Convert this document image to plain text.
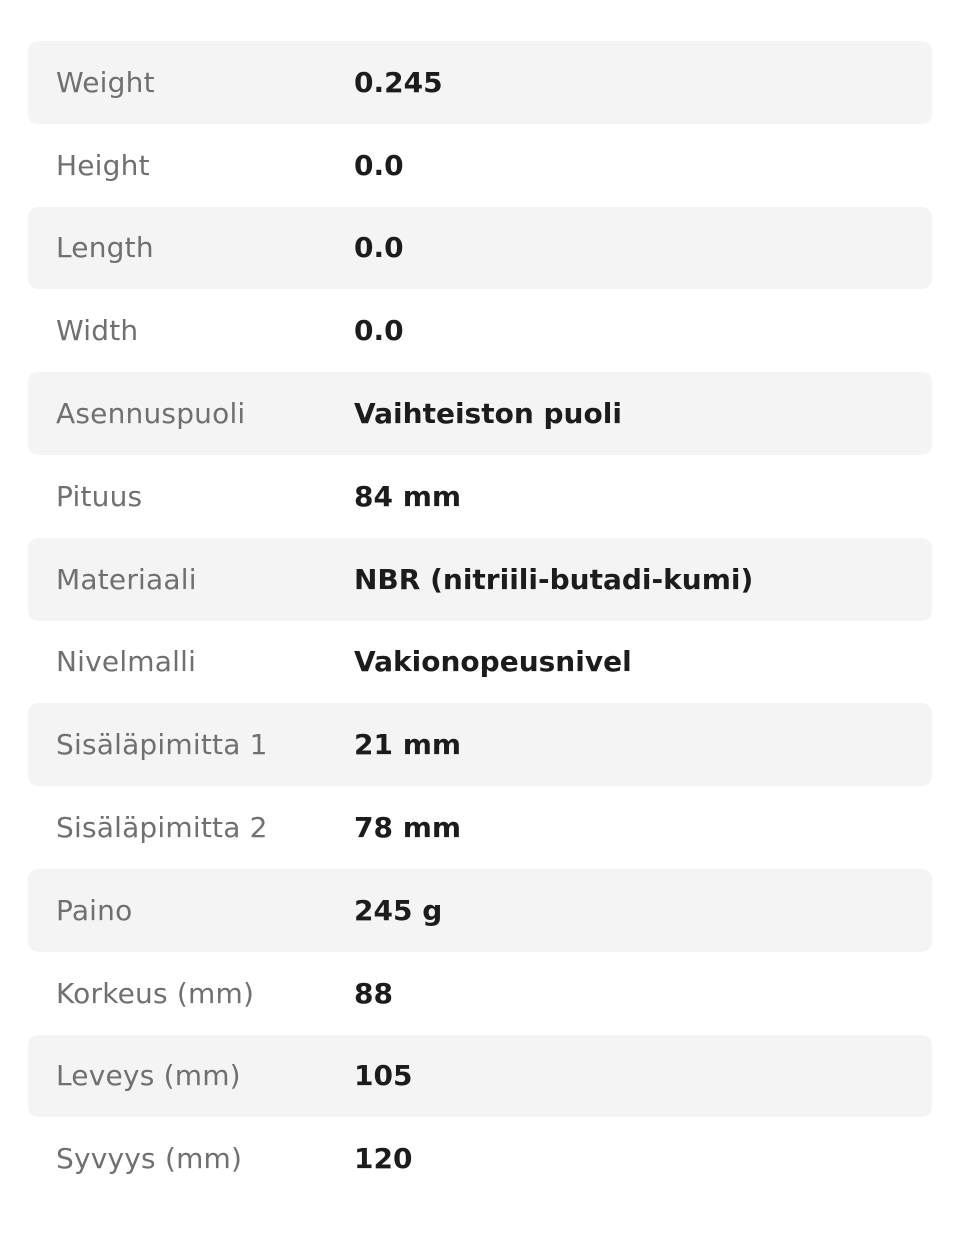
Weight	0.245
Height	0.0
Length	0.0
Width	0.0
Asennuspuoli	Vaihteiston puoli
Pituus	84 mm
Materiaali	NBR (nitriili-butadi-kumi)
Nivelmalli	Vakionopeusnivel
Sisäläpimitta 1	21 mm
Sisäläpimitta 2	78 mm
Paino	245 g
Korkeus (mm)	88
Leveys (mm)	105
Syvyys (mm)	120
